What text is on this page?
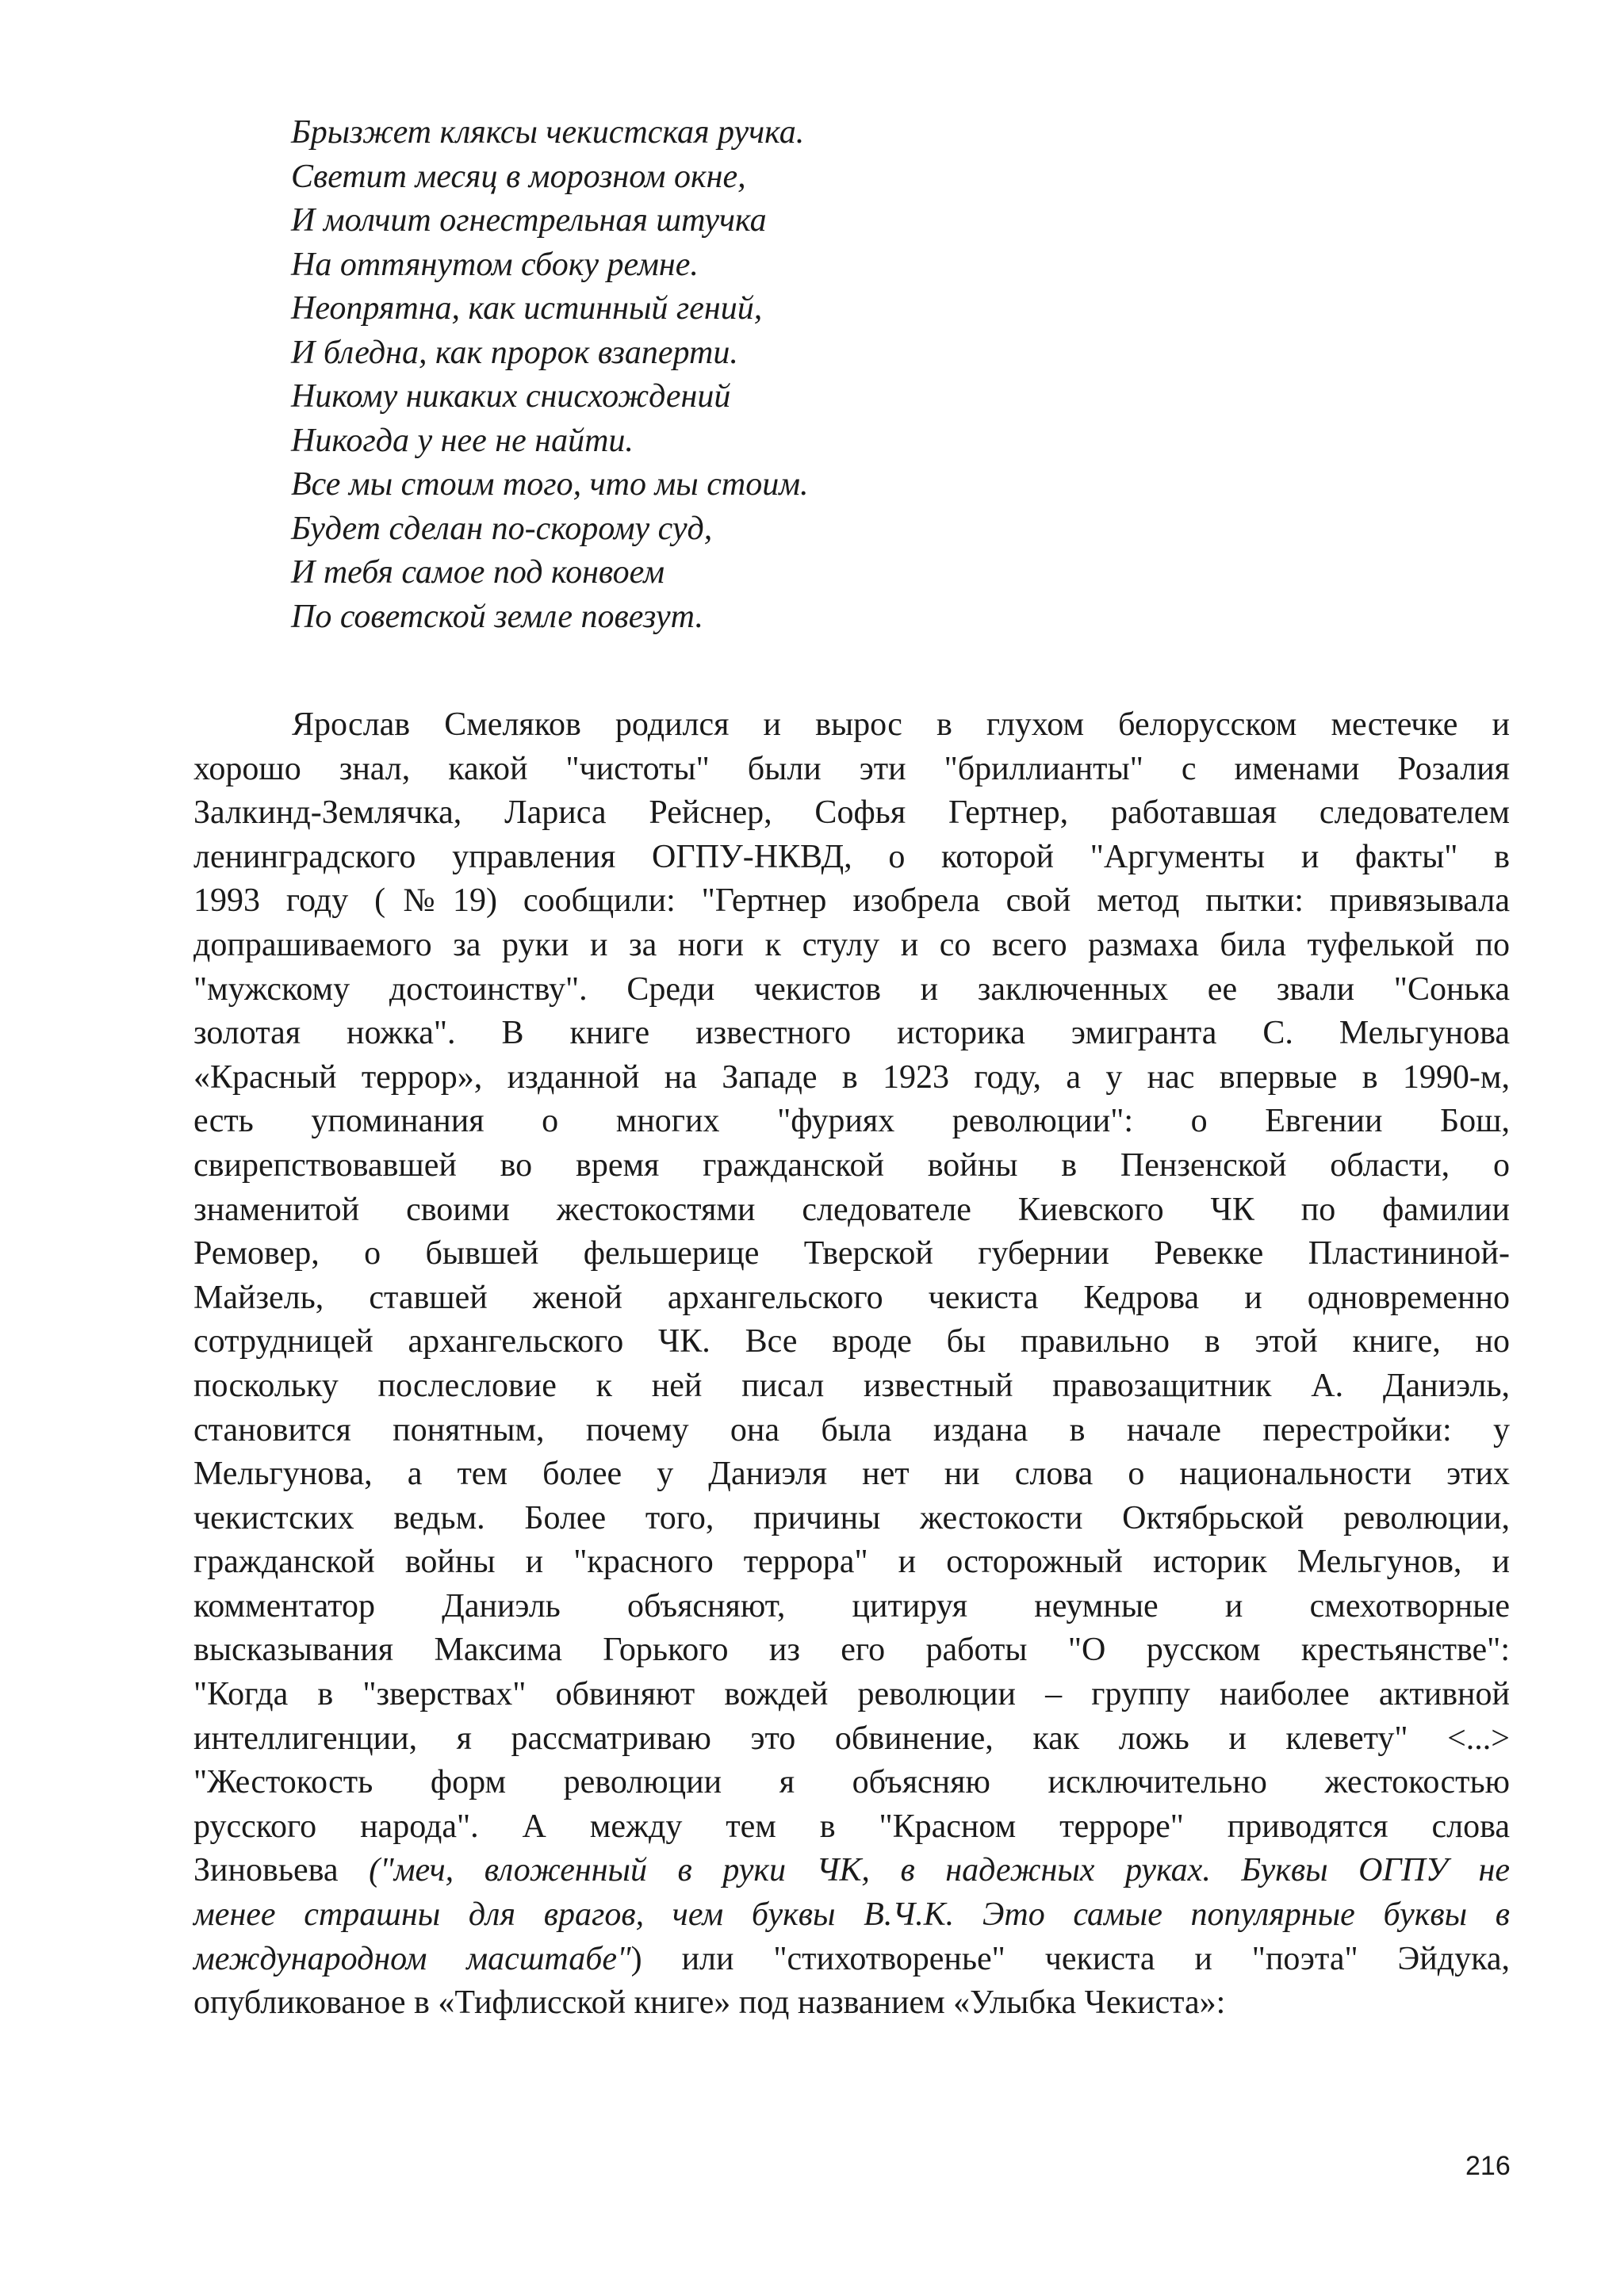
Брызжет кляксы чекистская ручка.
Светит месяц в морозном окне,
И молчит огнестрельная штучка
На оттянутом сбоку ремне.
Неопрятна, как истинный гений,
И бледна, как пророк взаперти.
Никому никаких снисхождений
Никогда у нее не найти.
Все мы стоим того, что мы стоим.
Будет сделан по-скорому суд,
И тебя самое под конвоем
По советской земле повезут.
Ярослав Смеляков родился и вырос в глухом белорусском местечке и
хорошо знал, какой "чистоты" были эти "бриллианты" с именами Розалия
Залкинд-Землячка, Лариса Рейснер, Софья Гертнер, работавшая следователем
ленинградского управления ОГПУ-НКВД, о которой "Аргументы и факты" в
1993 году (№19) сообщили: "Гертнер изобрела свой метод пытки: привязывала
допрашиваемого за руки и за ноги к стулу и со всего размаха била туфелькой по
"мужскому достоинству". Среди чекистов и заключенных ее звали "Сонька
золотая ножка". В книге известного историка эмигранта С. Мельгунова
«Красный террор», изданной на Западе в 1923 году, а у нас впервые в 1990-м,
есть упоминания о многих "фуриях революции": о Евгении Бош,
свирепствовавшей во время гражданской войны в Пензенской области, о
знаменитой своими жестокостями следователе Киевского ЧК по фамилии
Ремовер, о бывшей фельшерице Тверской губернии Ревекке Пластининой-
Майзель, ставшей женой архангельского чекиста Кедрова и одновременно
сотрудницей архангельского ЧК. Все вроде бы правильно в этой книге, но
поскольку послесловие к ней писал известный правозащитник А. Даниэль,
становится понятным, почему она была издана в начале перестройки: у
Мельгунова, а тем более у Даниэля нет ни слова о национальности этих
чекистских ведьм. Более того, причины жестокости Октябрьской революции,
гражданской войны и "красного террора" и осторожный историк Мельгунов, и
комментатор Даниэль объясняют, цитируя неумные и смехотворные
высказывания Максима Горького из его работы "О русском крестьянстве":
"Когда в "зверствах" обвиняют вождей революции – группу наиболее активной
интеллигенции, я рассматриваю это обвинение, как ложь и клевету" <...>
"Жестокость форм революции я объясняю исключительно жестокостью
русского народа". А между тем в "Красном терроре" приводятся слова
Зиновьева ("меч, вложенный в руки ЧК, в надежных руках. Буквы ОГПУ не
менее страшны для врагов, чем буквы В.Ч.К. Это самые популярные буквы в
международном масштабе") или "стихотворенье" чекиста и "поэта" Эйдука,
опубликованое в «Тифлисской книге» под названием «Улыбка Чекиста»:
216
